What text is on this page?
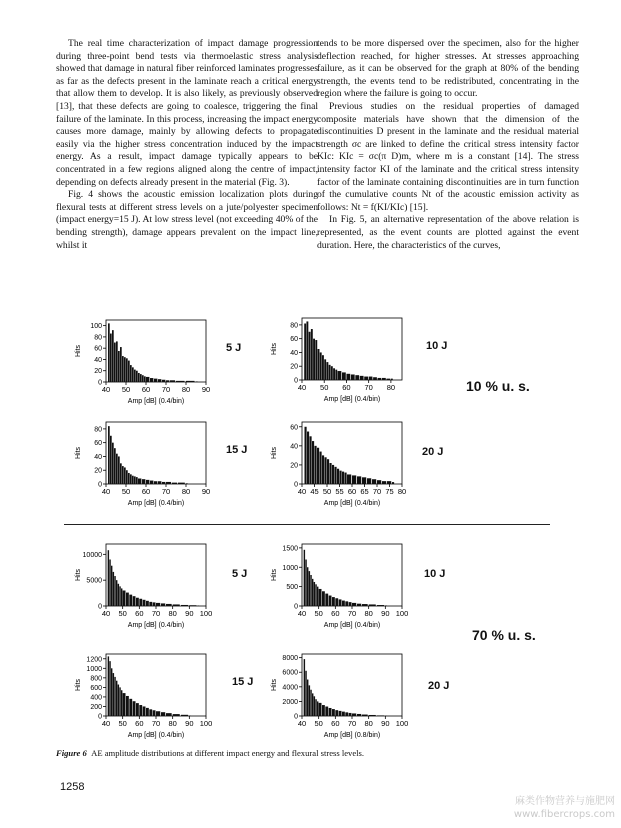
The real time characterization of impact damage progression during three-point bend tests via thermoelastic stress analysis showed that damage in natural fiber reinforced laminates progresses as far as the defects present in the laminate reach a critical energy that allow them to develop. It is also likely, as previously observed [13], that these defects are going to coalesce, triggering the final failure of the laminate. In this process, increasing the impact energy causes more damage, mainly by allowing defects to propagate easily via the higher stress concentration induced by the impact energy. As a result, impact damage typically appears to be concentrated in a few regions aligned along the centre of impact, depending on defects already present in the material (Fig. 3).

Fig. 4 shows the acoustic emission localization plots during flexural tests at different stress levels on a jute/polyester specimen (impact energy=15 J). At low stress level (not exceeding 40% of the bending strength), damage appears prevalent on the impact line, whilst it

tends to be more dispersed over the specimen, also for the higher deflection reached, for higher stresses. At stresses approaching failure, as it can be observed for the graph at 80% of the bending strength, the events tend to be redistributed, concentrating in the region where the failure is going to occur.

Previous studies on the residual properties of damaged composite materials have shown that the dimension of the discontinuities D present in the laminate and the residual material strength σc are linked to define the critical stress intensity factor KIc: KIc = σc(π D)m, where m is a constant [14]. The stress intensity factor KI of the laminate and the critical stress intensity factor of the laminate containing discontinuities are in turn function of the cumulative counts Nt of the acoustic emission activity as follows: Nt = f(KI/KIc) [15].

In Fig. 5, an alternative representation of the above relation is represented, as the event counts are plotted against the event duration. Here, the characteristics of the curves,

40 50 60 70 80 90
0
20
40
60
80
100
Amp [dB] (0.4/bin)
Hits	5 J
40 50 60 70 80
0
20
40
60
80
Amp [dB] (0.4/bin)
Hits	10 J
10 % u. s.
40 50 60 70 80 90
0
20
40
60
80
Amp [dB] (0.4/bin)
Hits	15 J
40 45 50 55 60 65 70 75 80
0
20
40
60
Amp [dB] (0.4/bin)
Hits	20 J
40 50 60 70 80 90 100
0
5000
10000
Amp [dB] (0.4/bin)
Hits	5 J
40 50 60 70 80 90 100
0
500
1000
1500
Amp [dB] (0.4/bin)
Hits	10 J
70 % u. s.
40 50 60 70 80 90 100
0
200
400
600
800
1000
1200
Amp [dB] (0.4/bin)
Hits	15 J
40 50 60 70 80 90 100
0
2000
4000
6000
8000
Amp [dB] (0.8/bin)
Hits	20 J
Figure 6 AE amplitude distributions at different impact energy and flexural stress levels.
1258
麻类作物营养与施肥网
www.fibercrops.com
